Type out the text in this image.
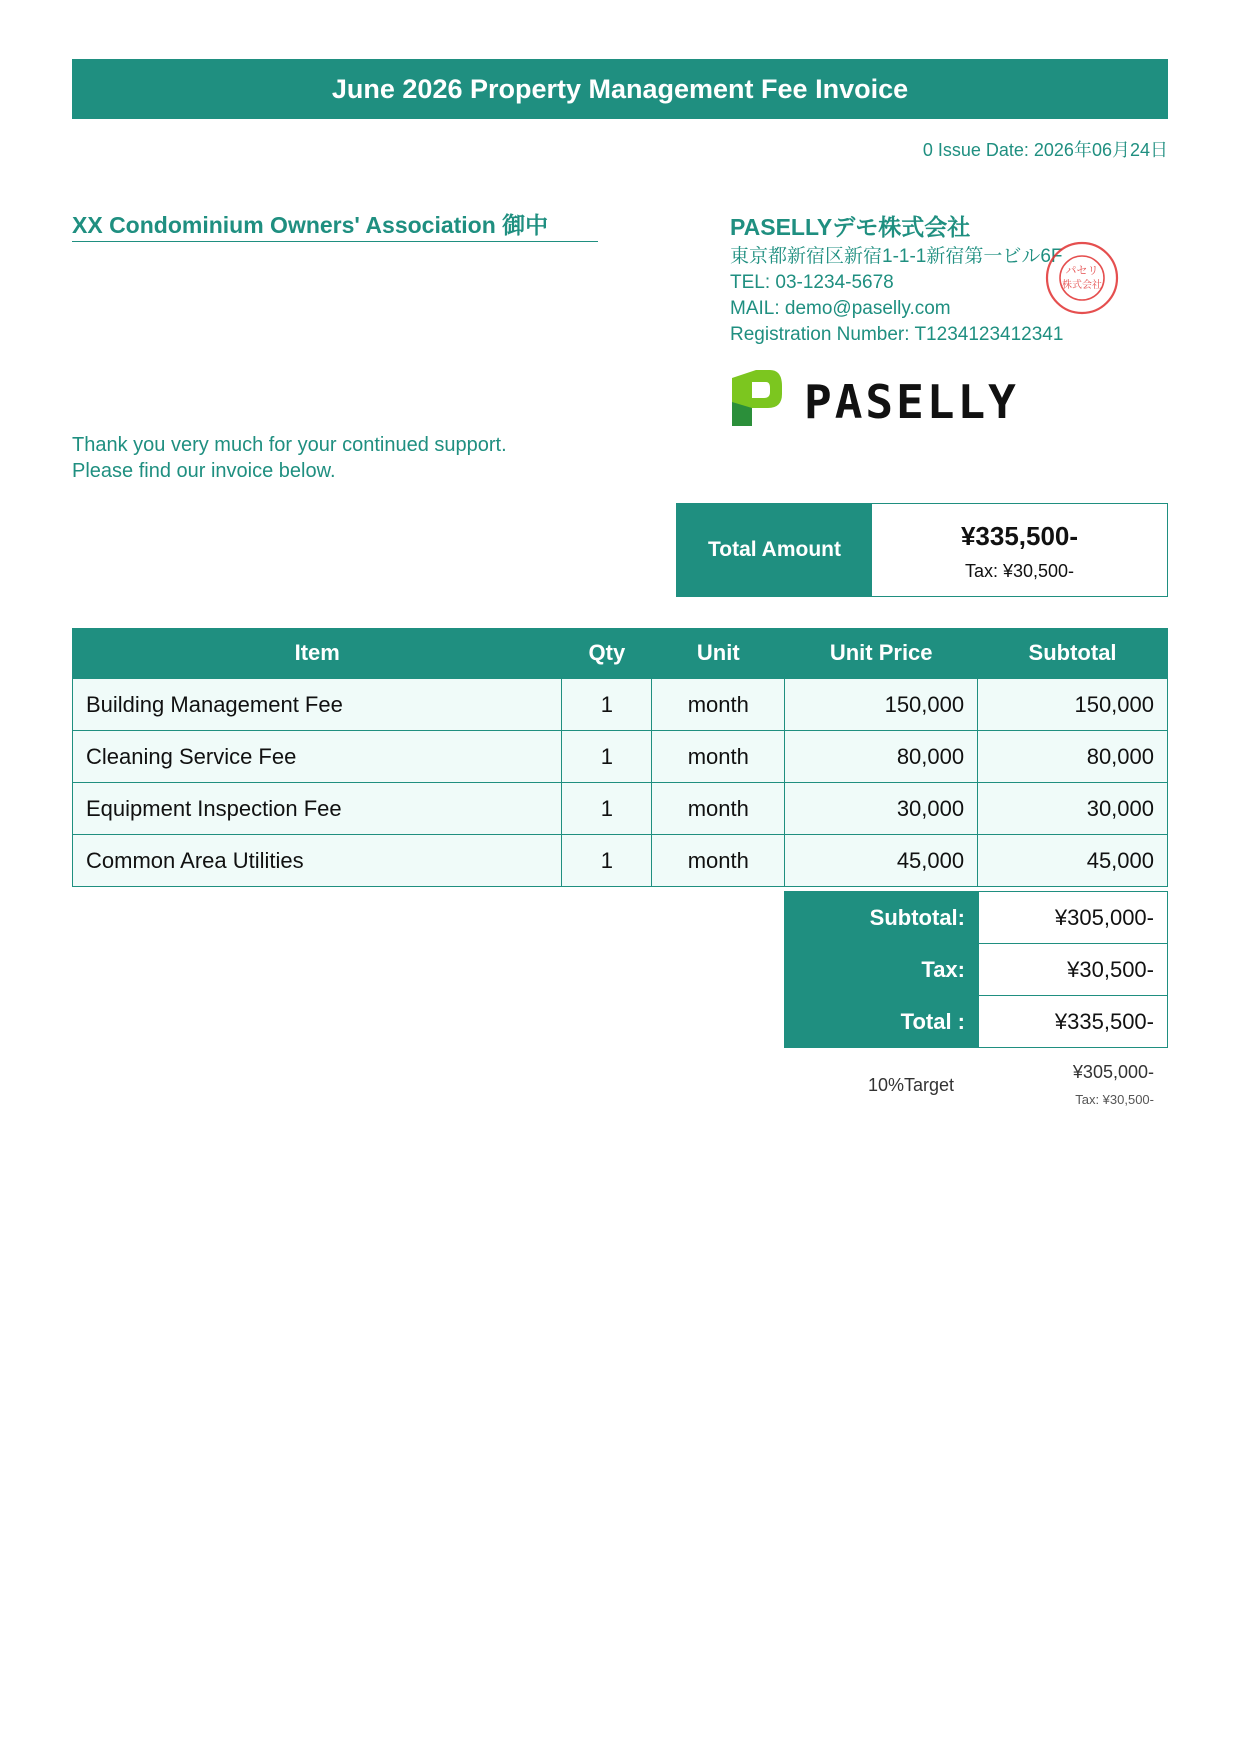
June 2026 Property Management Fee Invoice
0 Issue Date: 2026年06月24日
XX Condominium Owners' Association 御中
Thank you very much for your continued support.
Please find our invoice below.
PASELLYデモ株式会社
東京都新宿区新宿1-1-1新宿第一ビル6F
TEL: 03-1234-5678
MAIL: demo@paselly.com
Registration Number: T1234123412341
パセリ
株式会社
PASELLY
Total Amount	¥335,500-
Tax: ¥30,500-
Item	Qty	Unit	Unit Price	Subtotal
Building Management Fee	1	month	150,000	150,000
Cleaning Service Fee	1	month	80,000	80,000
Equipment Inspection Fee	1	month	30,000	30,000
Common Area Utilities	1	month	45,000	45,000
Subtotal:	¥305,000-
Tax:	¥30,500-
Total :	¥335,500-
10%Target
¥305,000-
Tax: ¥30,500-
